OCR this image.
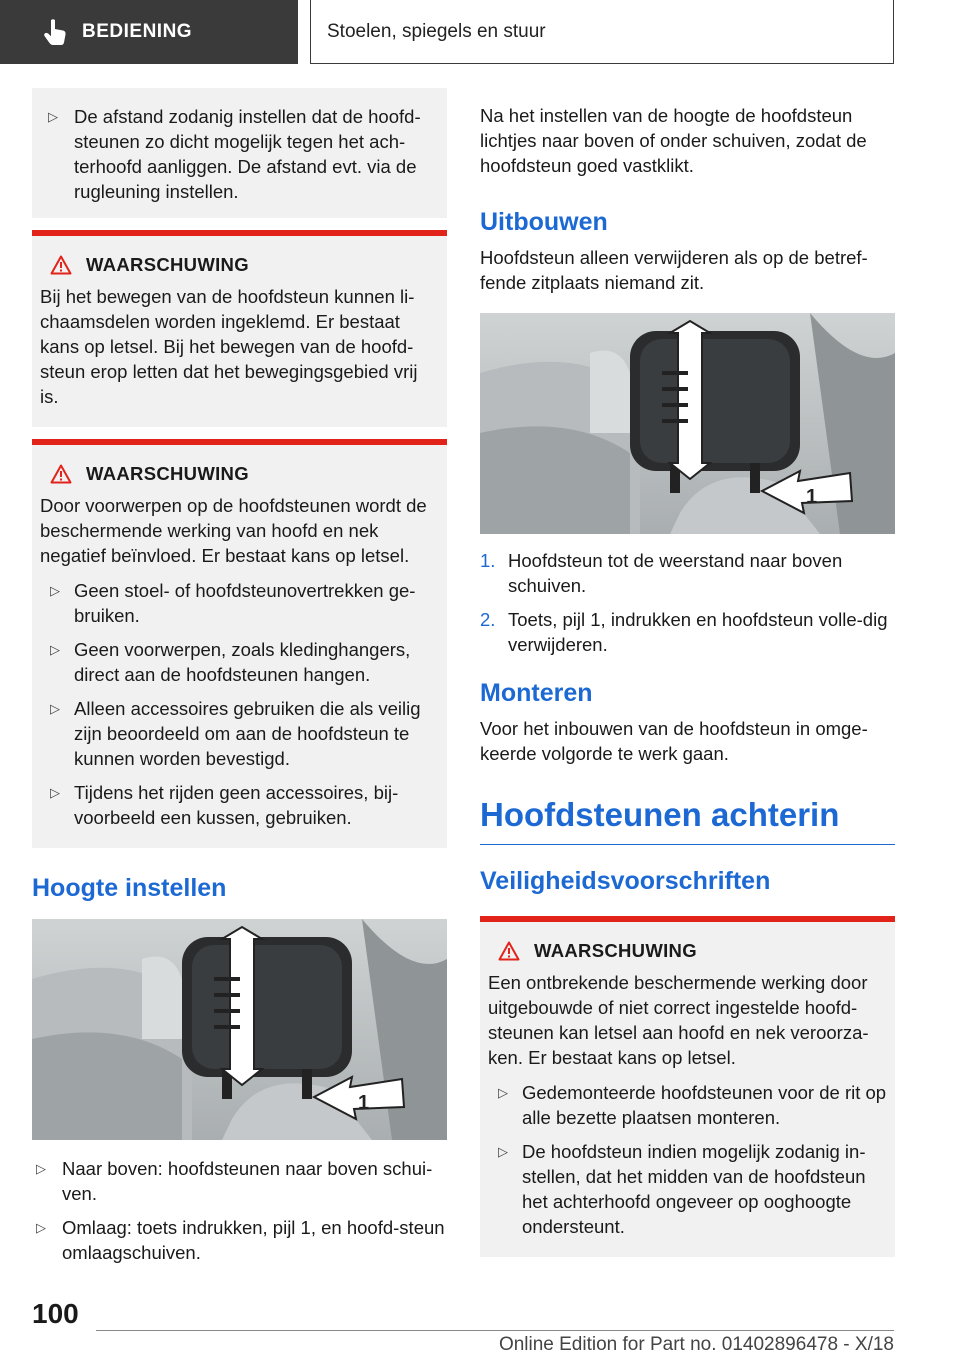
BEDIENING	Stoelen, spiegels en stuur
▷ De afstand zodanig instellen dat de hoofd-steunen zo dicht mogelijk tegen het ach-terhoofd aanliggen. De afstand evt. via de rugleuning instellen.
WAARSCHUWING

Bij het bewegen van de hoofdsteun kunnen li-chaamsdelen worden ingeklemd. Er bestaat kans op letsel. Bij het bewegen van de hoofd-steun erop letten dat het bewegingsgebied vrij is.

WAARSCHUWING

Door voorwerpen op de hoofdsteunen wordt de beschermende werking van hoofd en nek negatief beïnvloed. Er bestaat kans op letsel.

▷ Geen stoel- of hoofdsteunovertrekken ge-bruiken.
▷ Geen voorwerpen, zoals kledinghangers, direct aan de hoofdsteunen hangen.
▷ Alleen accessoires gebruiken die als veilig zijn beoordeeld om aan de hoofdsteun te kunnen worden bevestigd.
▷ Tijdens het rijden geen accessoires, bij-voorbeeld een kussen, gebruiken.
Hoogte instellen
1
▷ Naar boven: hoofdsteunen naar boven schui-ven.
▷ Omlaag: toets indrukken, pijl 1, en hoofd-steun omlaagschuiven.

Na het instellen van de hoogte de hoofdsteun lichtjes naar boven of onder schuiven, zodat de hoofdsteun goed vastklikt.

Uitbouwen

Hoofdsteun alleen verwijderen als op de betref-fende zitplaats niemand zit.

1
1. Hoofdsteun tot de weerstand naar boven schuiven.
2. Toets, pijl 1, indrukken en hoofdsteun volle-dig verwijderen.
Monteren

Voor het inbouwen van de hoofdsteun in omge-keerde volgorde te werk gaan.

Hoofdsteunen achterin
Veiligheidsvoorschriften
WAARSCHUWING

Een ontbrekende beschermende werking door uitgebouwde of niet correct ingestelde hoofd-steunen kan letsel aan hoofd en nek veroorza-ken. Er bestaat kans op letsel.

▷ Gedemonteerde hoofdsteunen voor de rit op alle bezette plaatsen monteren.
▷ De hoofdsteun indien mogelijk zodanig in-stellen, dat het midden van de hoofdsteun het achterhoofd ongeveer op ooghoogte ondersteunt.
100
Online Edition for Part no. 01402896478 - X/18
